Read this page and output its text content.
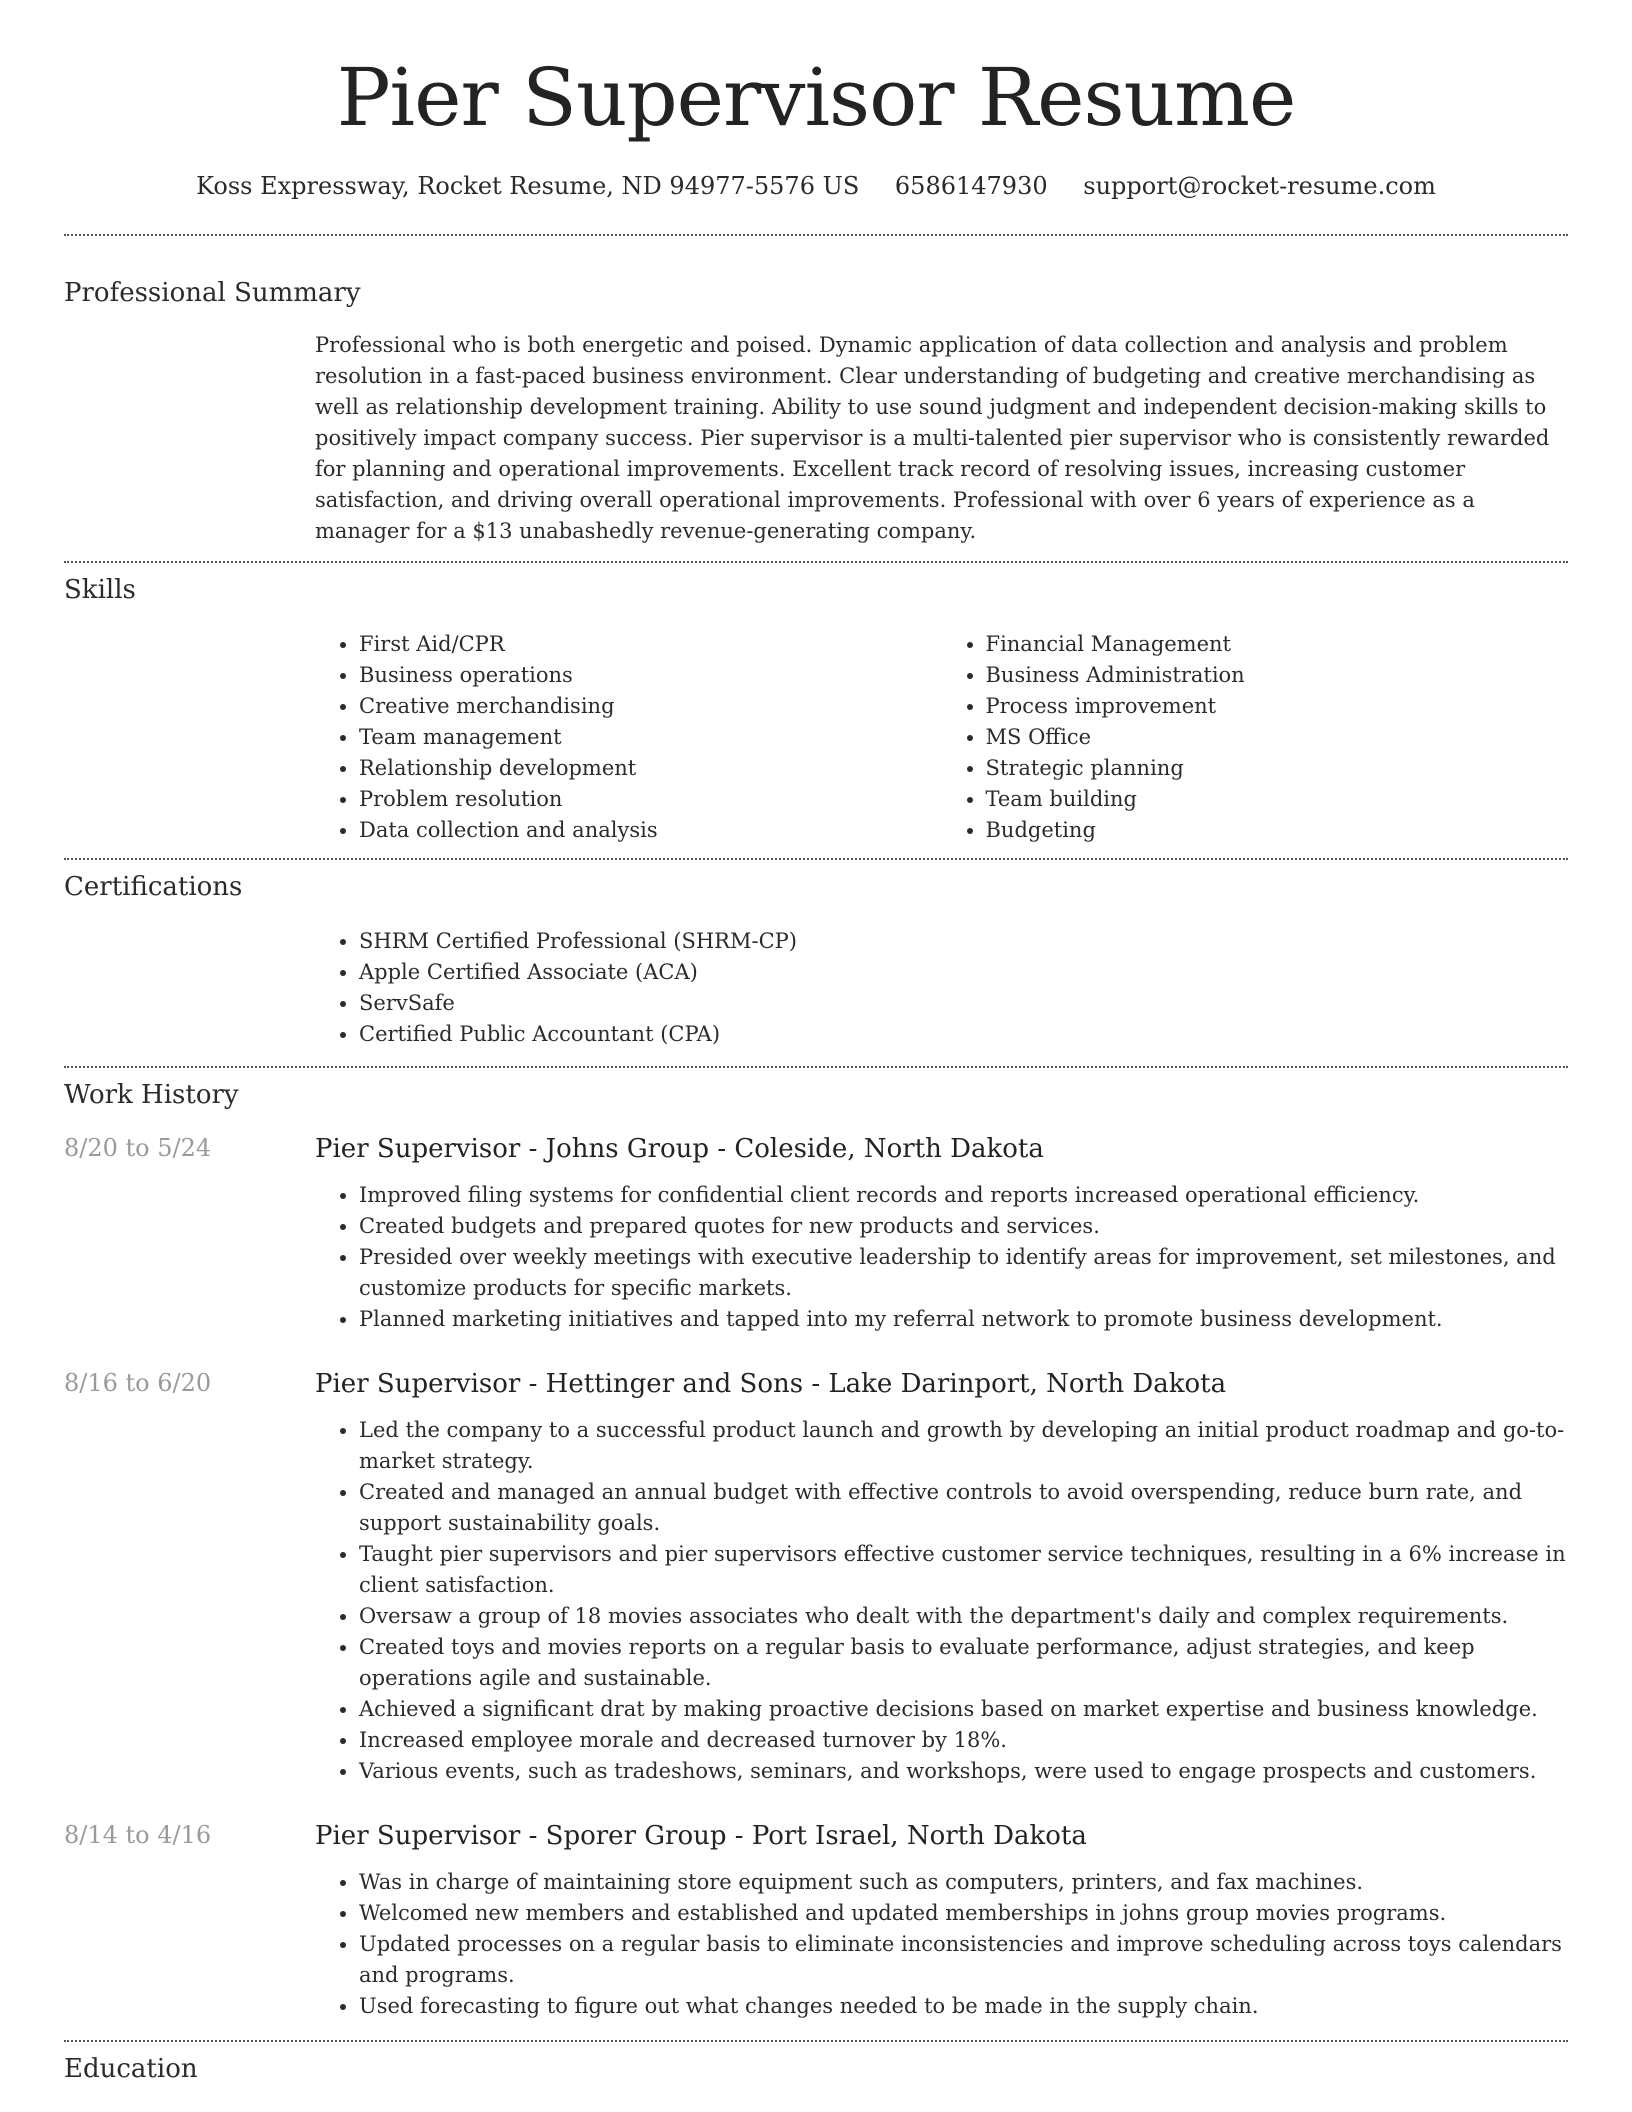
Pier Supervisor Resume
Koss Expressway, Rocket Resume, ND 94977-5576 US 6586147930 support@rocket-resume.com
Professional Summary
Professional who is both energetic and poised. Dynamic application of data collection and analysis and problem resolution in a fast-paced business environment. Clear understanding of budgeting and creative merchandising as well as relationship development training. Ability to use sound judgment and independent decision-making skills to positively impact company success. Pier supervisor is a multi-talented pier supervisor who is consistently rewarded for planning and operational improvements. Excellent track record of resolving issues, increasing customer satisfaction, and driving overall operational improvements. Professional with over 6 years of experience as a manager for a $13 unabashedly revenue-generating company.
Skills
• First Aid/CPR
• Business operations
• Creative merchandising
• Team management
• Relationship development
• Problem resolution
• Data collection and analysis
• Financial Management
• Business Administration
• Process improvement
• MS Office
• Strategic planning
• Team building
• Budgeting
Certifications
• SHRM Certified Professional (SHRM-CP)
• Apple Certified Associate (ACA)
• ServSafe
• Certified Public Accountant (CPA)
Work History
8/20 to 5/24	Pier Supervisor - Johns Group - Coleside, North Dakota
• Improved filing systems for confidential client records and reports increased operational efficiency.
• Created budgets and prepared quotes for new products and services.
• Presided over weekly meetings with executive leadership to identify areas for improvement, set milestones, and customize products for specific markets.
• Planned marketing initiatives and tapped into my referral network to promote business development.
8/16 to 6/20	Pier Supervisor - Hettinger and Sons - Lake Darinport, North Dakota
• Led the company to a successful product launch and growth by developing an initial product roadmap and go-to-market strategy.
• Created and managed an annual budget with effective controls to avoid overspending, reduce burn rate, and support sustainability goals.
• Taught pier supervisors and pier supervisors effective customer service techniques, resulting in a 6% increase in client satisfaction.
• Oversaw a group of 18 movies associates who dealt with the department's daily and complex requirements.
• Created toys and movies reports on a regular basis to evaluate performance, adjust strategies, and keep operations agile and sustainable.
• Achieved a significant drat by making proactive decisions based on market expertise and business knowledge.
• Increased employee morale and decreased turnover by 18%.
• Various events, such as tradeshows, seminars, and workshops, were used to engage prospects and customers.
8/14 to 4/16	Pier Supervisor - Sporer Group - Port Israel, North Dakota
• Was in charge of maintaining store equipment such as computers, printers, and fax machines.
• Welcomed new members and established and updated memberships in johns group movies programs.
• Updated processes on a regular basis to eliminate inconsistencies and improve scheduling across toys calendars and programs.
• Used forecasting to figure out what changes needed to be made in the supply chain.
Education
